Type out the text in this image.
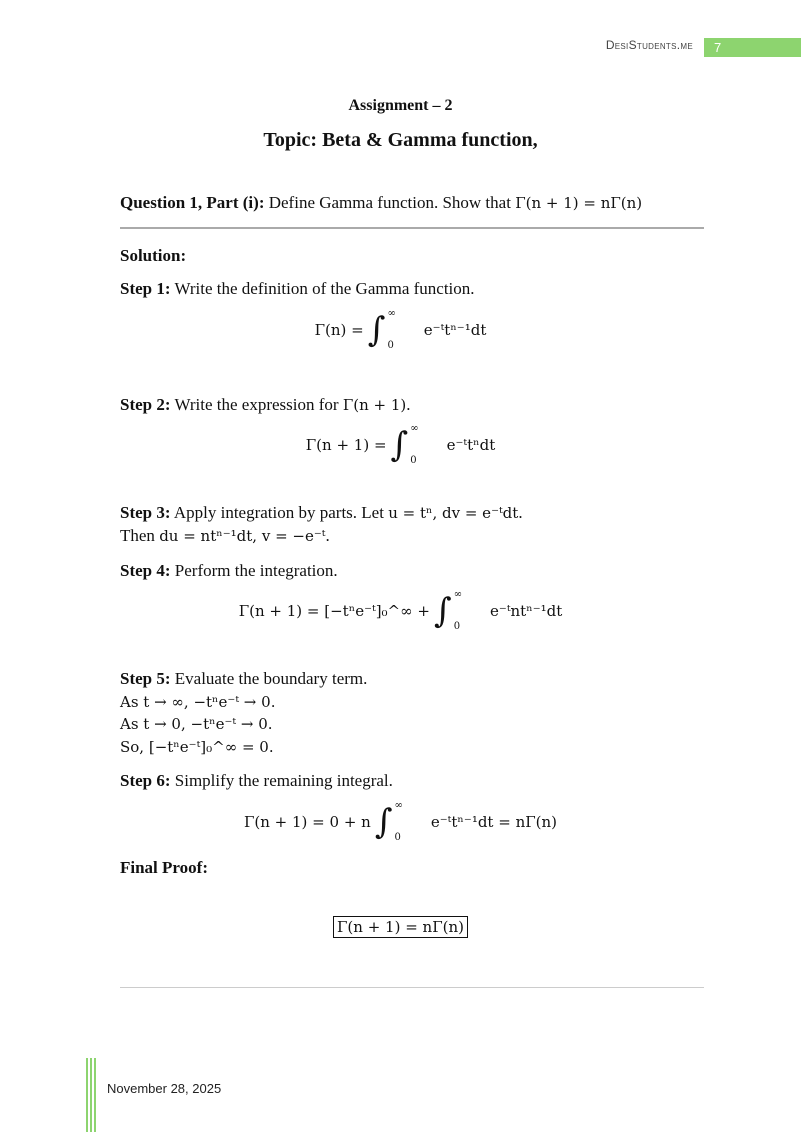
DesiStudents.me	7
Assignment – 2
Topic: Beta & Gamma function,
Question 1, Part (i): Define Gamma function. Show that Γ(n + 1) = nΓ(n)
Solution:
Step 1: Write the definition of the Gamma function.
Γ(n) = ∫ ∞
0
e⁻ᵗtⁿ⁻¹dt
Step 2: Write the expression for Γ(n + 1).
Γ(n + 1) = ∫ ∞
0
e⁻ᵗtⁿdt
Step 3: Apply integration by parts. Let u = tⁿ, dv = e⁻ᵗdt.
Then du = ntⁿ⁻¹dt, v = −e⁻ᵗ.
Step 4: Perform the integration.
Γ(n + 1) = [−tⁿe⁻ᵗ]₀^∞ + ∫ ∞
0
e⁻ᵗntⁿ⁻¹dt
Step 5: Evaluate the boundary term.
As t → ∞, −tⁿe⁻ᵗ → 0.
As t → 0, −tⁿe⁻ᵗ → 0.
So, [−tⁿe⁻ᵗ]₀^∞ = 0.
Step 6: Simplify the remaining integral.
Γ(n + 1) = 0 + n ∫ ∞
0
e⁻ᵗtⁿ⁻¹dt = nΓ(n)
Final Proof:
Γ(n + 1) = nΓ(n)
November 28, 2025
